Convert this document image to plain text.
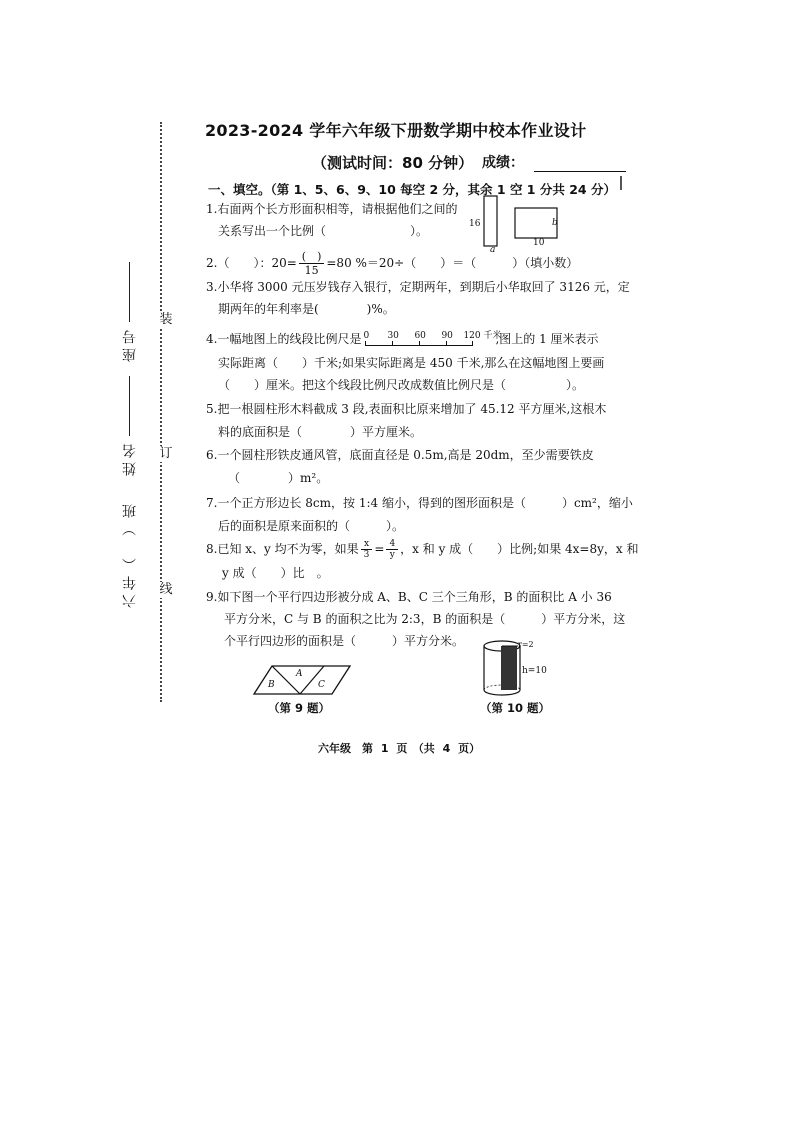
装
订
线
座号
姓名
六年（　）班
2023-2024 学年六年级下册数学期中校本作业设计
（测试时间：80 分钟） 成绩：
一、填空。（第 1、5、6、9、10 每空 2 分，其余 1 空 1 分共 24 分）
1.右面两个长方形面积相等，请根据他们之间的
关系写出一个比例（　　　　　　　）。	16
a
b
10
2.（　　）：$20= \frac{( )}{15} =80$ %＝20÷（　　）＝（　　　）（填小数）
3.小华将 3000 元压岁钱存入银行，定期两年，到期后小华取回了 3126 元，定
期两年的年利率是(　　　　)%。
4.一幅地图上的线段比例尺是 0 30 60 90 120 千米
,图上的 1 厘米表示
实际距离（　　）千米;如果实际距离是 450 千米,那么在这幅地图上要画
（　　）厘米。把这个线段比例尺改成数值比例尺是（　　　　　）。
5.把一根圆柱形木料截成 3 段,表面积比原来增加了 45.12 平方厘米,这根木
料的底面积是（　　　　）平方厘米。
6.一个圆柱形铁皮通风管，底面直径是 0.5m,高是 20dm，至少需要铁皮
（　　　　）m²。
7.一个正方形边长 8cm，按 1:4 缩小，得到的图形面积是（　　　）cm²，缩小
后的面积是原来面积的（　　　）。
8.已知 x、y 均不为零，如果 $\frac{x}{3} = \frac{4}{y}$ ，x 和 y 成（　　）比例;如果 4x=8y，x 和
y 成（　　）比　。
9.如下图一个平行四边形被分成 A、B、C 三个三角形，B 的面积比 A 小 36
平方分米，C 与 B 的面积之比为 2:3，B 的面积是（　　　）平方分米，这
个平行四边形的面积是（　　　）平方分米。
A
B	C
（第 9 题）
r=2
h=10
（第 10 题）
六年级　第 1 页　（共 4 页）
